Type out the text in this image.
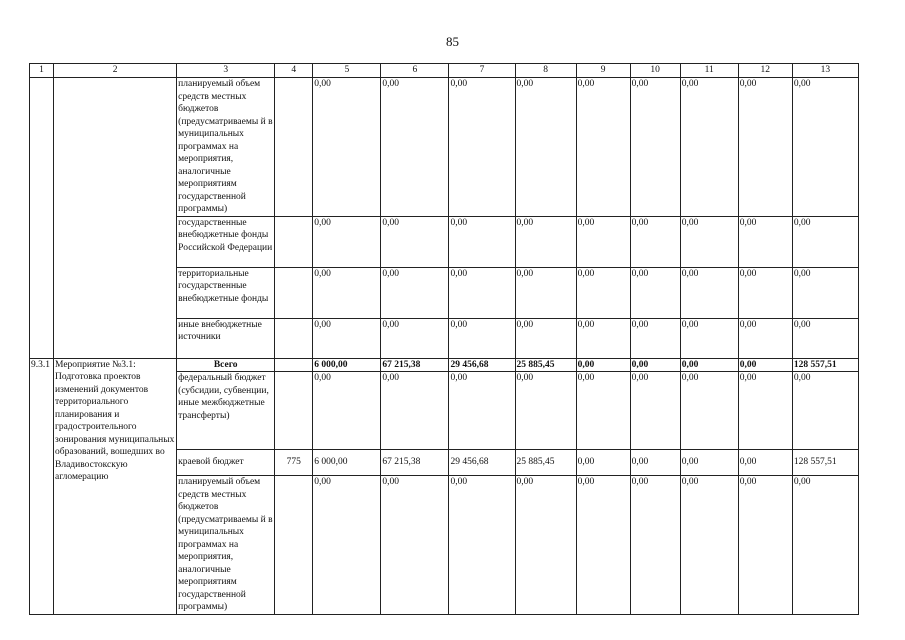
85
1	2	3	4	5	6	7	8	9	10	11	12	13
		планируемый объем средств местных бюджетов (предусматриваемы й в муниципальных программах на мероприятия, аналогичные мероприятиям государственной программы)		0,00	0,00	0,00	0,00	0,00	0,00	0,00	0,00	0,00
		государственные внебюджетные фонды Российской Федерации		0,00	0,00	0,00	0,00	0,00	0,00	0,00	0,00	0,00
		территориальные государственные внебюджетные фонды		0,00	0,00	0,00	0,00	0,00	0,00	0,00	0,00	0,00
		иные внебюджетные источники		0,00	0,00	0,00	0,00	0,00	0,00	0,00	0,00	0,00
9.3.1	Мероприятие №3.1: Подготовка проектов изменений документов территориального планирования и градостроительного зонирования муниципальных образований, вошедших во Владивостокскую агломерацию	Всего		6 000,00	67 215,38	29 456,68	25 885,45	0,00	0,00	0,00	0,00	128 557,51
		федеральный бюджет (субсидии, субвенции, иные межбюджетные трансферты)		0,00	0,00	0,00	0,00	0,00	0,00	0,00	0,00	0,00
		краевой бюджет	775	6 000,00	67 215,38	29 456,68	25 885,45	0,00	0,00	0,00	0,00	128 557,51
		планируемый объем средств местных бюджетов (предусматриваемы й в муниципальных программах на мероприятия, аналогичные мероприятиям государственной программы)		0,00	0,00	0,00	0,00	0,00	0,00	0,00	0,00	0,00
